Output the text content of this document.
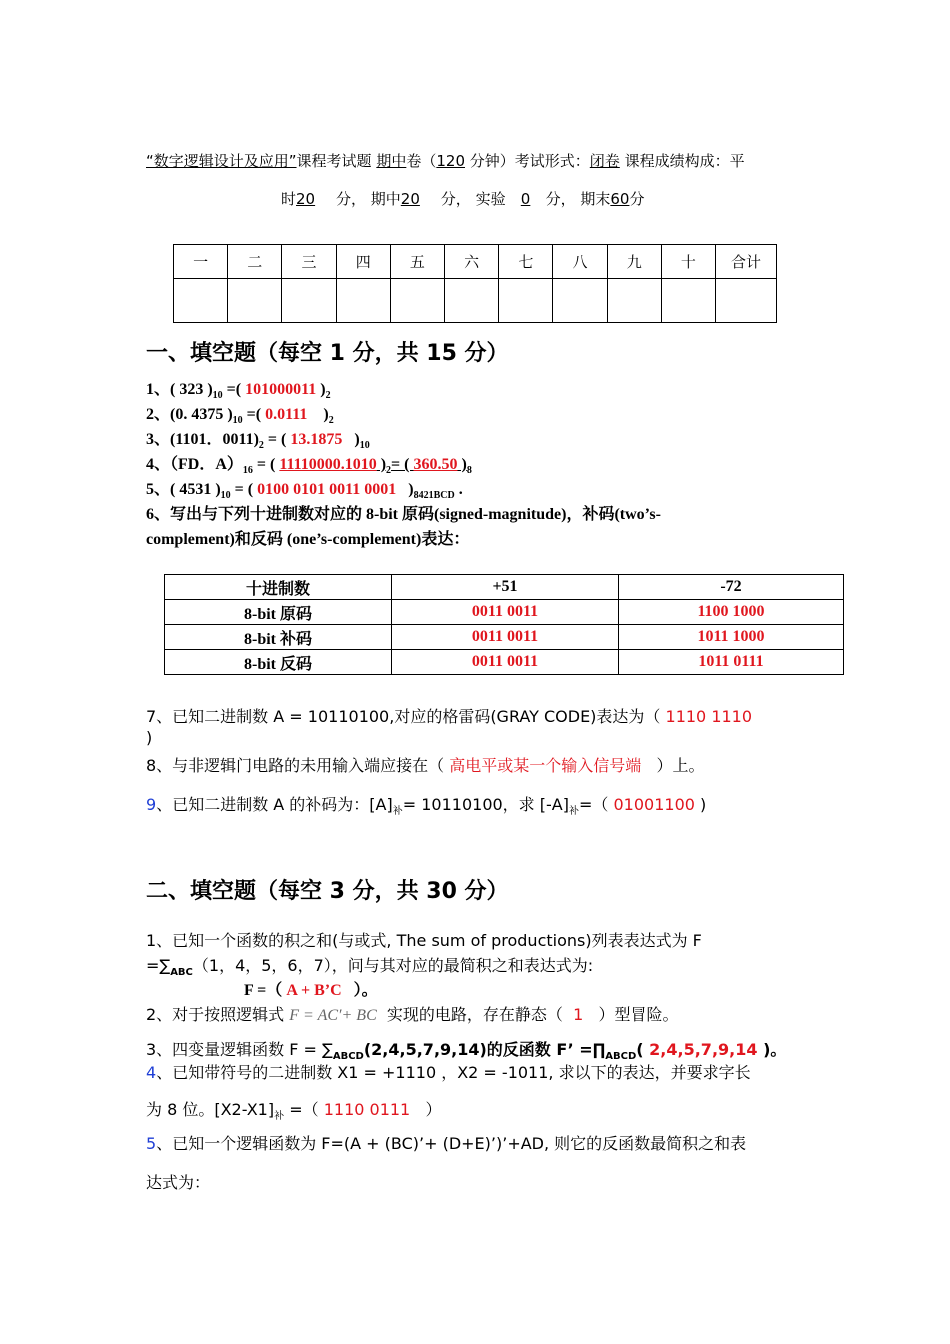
“数字逻辑设计及应用”课程考试题 期中卷（120 分钟）考试形式：闭卷 课程成绩构成：平
时20 分， 期中20 分， 实验 0 分， 期末60分
一	二	三	四	五	六	七	八	九	十	合计

一、填空题（每空 1 分，共 15 分）
1、( 323 )$_{10}$ =( 101000011 )$_2$
2、(0. 4375 )$_{10}$ =( 0.0111    )$_2$
3、(1101．$0011)_2$ = ( 13.1875   )$_{10}$
4、（FD．$A)_{16}$ = ( 11110000.1010 )$_2=$ ( 360.50 )$_8$
5、( 4531 )$_{10}$ = ( 0100 0101 0011 0001   )$_{8421BCD}$ .
6、写出与下列十进制数对应的 8-bit 原码(signed-magnitude)，补码(two’s-
complement)和反码 (one’s-complement)表达：
十进制数	+51	-72
8-bit 原码	0011 0011	1100 1000
8-bit 补码	0011 0011	1011 1000
8-bit 反码	0011 0011	1011 0111
7、已知二进制数 A = 10110100,对应的格雷码(GRAY CODE)表达为（ 1110 1110
)
8、与非逻辑门电路的未用输入端应接在（ 高电平或某一个输入信号端   ）上。
9、已知二进制数 A 的补码为：$[A]_补= 10110100$，求 $[-A]_补=$（ 01001100 )
二、填空题（每空 3 分，共 30 分）
1、已知一个函数的积之和(与或式, The sum of productions)列表表达式为 F
$=\sum_{ABC}(1$，4，5，6，7），问与其对应的最简积之和表达式为:
F =（ A + B’C   ）。
2、对于按照逻辑式 F = AC′+ BC  实现的电路，存在静态（  1   ）型冒险。
3、四变量逻辑函数 $F = \sum_{ABCD}(2,4,5,7,9,14)$的反函数 F’ $=\prod_{ABCD}$( 2,4,5,7,9,14 )。
4、已知带符号的二进制数 X1 = +1110 ，X2 = -1011, 求以下的表达，并要求字长
为 8 位。$[X2-X1]_补$ =（ 1110 0111   ）
5、已知一个逻辑函数为 F=(A + (BC)’+ (D+E)’)’+AD, 则它的反函数最简积之和表
达式为：
